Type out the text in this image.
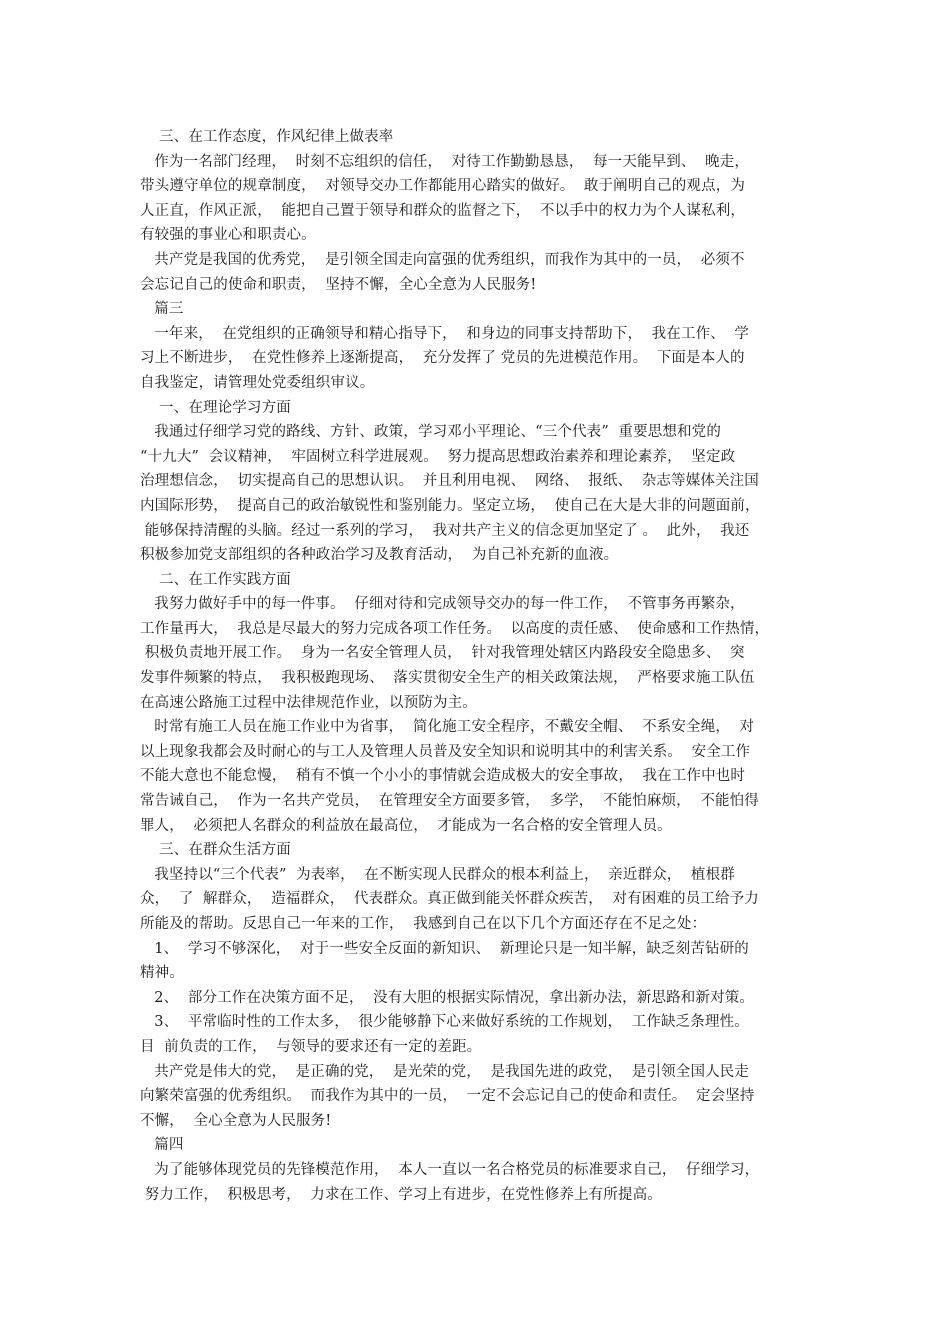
三、在工作态度，作风纪律上做表率
作为一名部门经理，  时刻不忘组织的信任，  对待工作勤勤恳恳，  每一天能早到、  晚走，
带头遵守单位的规章制度，  对领导交办工作都能用心踏实的做好。  敢于阐明自己的观点，为
人正直，作风正派，  能把自己置于领导和群众的监督之下，  不以手中的权力为个人谋私利，
有较强的事业心和职责心。
共产党是我国的优秀党，  是引领全国走向富强的优秀组织，而我作为其中的一员，  必须不
会忘记自己的使命和职责，  坚持不懈，全心全意为人民服务!
篇三
一年来，  在党组织的正确领导和精心指导下，  和身边的同事支持帮助下，  我在工作、  学
习上不断进步，  在党性修养上逐渐提高，  充分发挥了 党员的先进模范作用。  下面是本人的
自我鉴定，请管理处党委组织审议。
一、在理论学习方面
我通过仔细学习党的路线、方针、政策，学习邓小平理论、“三个代表”  重要思想和党的
“十九大”  会议精神，  牢固树立科学进展观。  努力提高思想政治素养和理论素养，  坚定政
治理想信念，  切实提高自己的思想认识。  并且利用电视、  网络、  报纸、  杂志等媒体关注国
内国际形势，  提高自己的政治敏锐性和鉴别能力。坚定立场，  使自己在大是大非的问题面前，
能够保持清醒的头脑。经过一系列的学习，  我对共产主义的信念更加坚定了 。  此外，  我还
积极参加党支部组织的各种政治学习及教育活动，  为自己补充新的血液。
二、在工作实践方面
我努力做好手中的每一件事。  仔细对待和完成领导交办的每一件工作，  不管事务再繁杂，
工作量再大，  我总是尽最大的努力完成各项工作任务。  以高度的责任感、  使命感和工作热情，
积极负责地开展工作。  身为一名安全管理人员，  针对我管理处辖区内路段安全隐患多、  突
发事件频繁的特点，  我积极跑现场、  落实贯彻安全生产的相关政策法规，  严格要求施工队伍
在高速公路施工过程中法律规范作业，以预防为主。
时常有施工人员在施工作业中为省事，  简化施工安全程序，不戴安全帽、  不系安全绳，  对
以上现象我都会及时耐心的与工人及管理人员普及安全知识和说明其中的利害关系。  安全工作
不能大意也不能怠慢，  稍有不慎一个小小的事情就会造成极大的安全事故，  我在工作中也时
常告诫自己，  作为一名共产党员，  在管理安全方面要多管，  多学，  不能怕麻烦，  不能怕得
罪人，  必须把人名群众的利益放在最高位，  才能成为一名合格的安全管理人员。
三、在群众生活方面
我坚持以“三个代表”  为表率，  在不断实现人民群众的根本利益上，  亲近群众，  植根群
众，  了  解群众，  造福群众，  代表群众。真正做到能关怀群众疾苦，  对有困难的员工给予力
所能及的帮助。反思自己一年来的工作，  我感到自己在以下几个方面还存在不足之处：
1、  学习不够深化，  对于一些安全反面的新知识、  新理论只是一知半解，缺乏刻苦钻研的
精神。
2、  部分工作在决策方面不足，  没有大胆的根据实际情况，拿出新办法，新思路和新对策。
3、  平常临时性的工作太多，  很少能够静下心来做好系统的工作规划，  工作缺乏条理性。
目  前负责的工作，  与领导的要求还有一定的差距。
共产党是伟大的党，  是正确的党，  是光荣的党，  是我国先进的政党，  是引领全国人民走
向繁荣富强的优秀组织。  而我作为其中的一员，  一定不会忘记自己的使命和责任。  定会坚持
不懈，  全心全意为人民服务!
篇四
为了能够体现党员的先锋模范作用，  本人一直以一名合格党员的标准要求自己，  仔细学习，
努力工作，  积极思考，  力求在工作、学习上有进步，在党性修养上有所提高。
